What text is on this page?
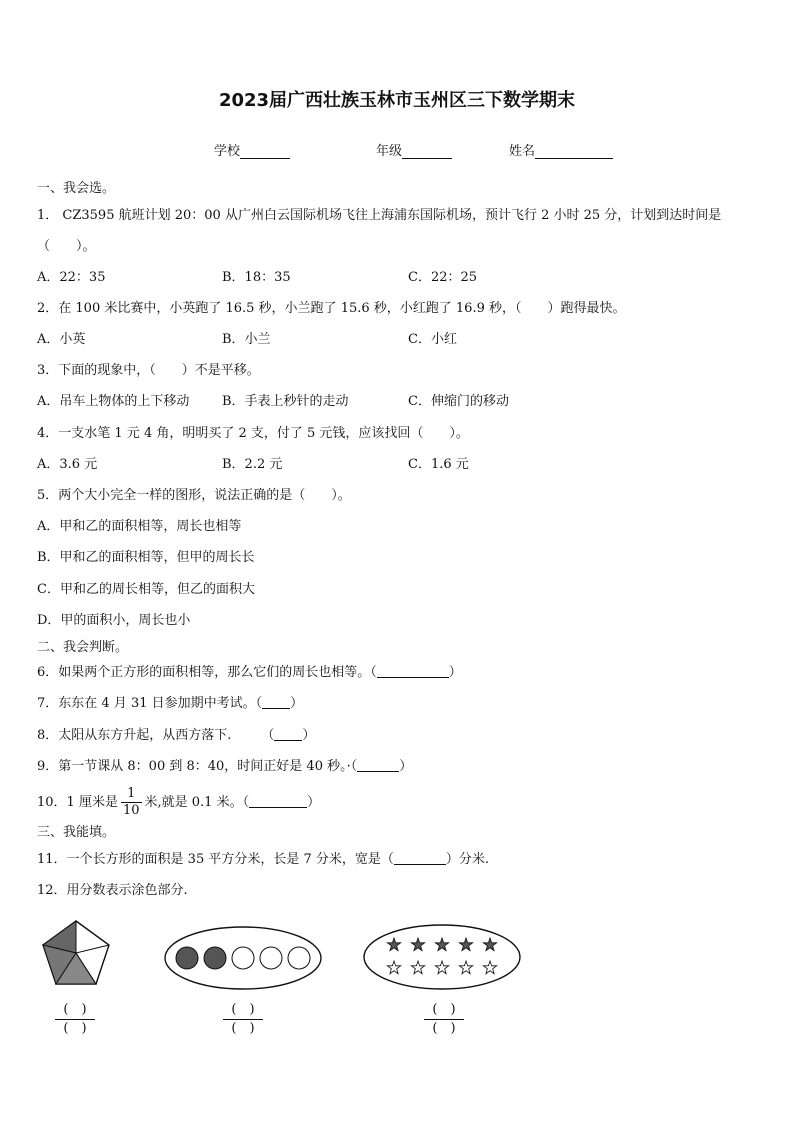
2023届广西壮族玉林市玉州区三下数学期末
学校	年级	姓名
一、我会选。
1． CZ3595 航班计划 20：00 从广州白云国际机场飞往上海浦东国际机场，预计飞行 2 小时 25 分，计划到达时间是
（　　）。
A．22：35	B．18：35	C．22：25
2．在 100 米比赛中，小英跑了 16.5 秒，小兰跑了 15.6 秒，小红跑了 16.9 秒，（　　）跑得最快。
A．小英	B．小兰	C．小红
3．下面的现象中，（　　）不是平移。
A．吊车上物体的上下移动	B．手表上秒针的走动	C．伸缩门的移动
4．一支水笔 1 元 4 角，明明买了 2 支，付了 5 元钱，应该找回（　　）。
A．3.6 元	B．2.2 元	C．1.6 元
5．两个大小完全一样的图形，说法正确的是（　　）。
A．甲和乙的面积相等，周长也相等
B．甲和乙的面积相等，但甲的周长长
C．甲和乙的周长相等，但乙的面积大
D．甲的面积小，周长也小
二、我会判断。
6．如果两个正方形的面积相等，那么它们的周长也相等。（	）
7．东东在 4 月 31 日参加期中考试。（ ）
8．太阳从东方升起，从西方落下. （ ）
9．第一节课从 8：00 到 8：40，时间正好是 40 秒。·（	）
10．1 厘米是 $\frac{1}{10}$ 米,就是 0.1 米。（	）
三、我能填。
11．一个长方形的面积是 35 平方分米，长是 7 分米，宽是（	）分米.
12．用分数表示涂色部分.
(　)
(　)
(　)
(　)
(　)
(　)
